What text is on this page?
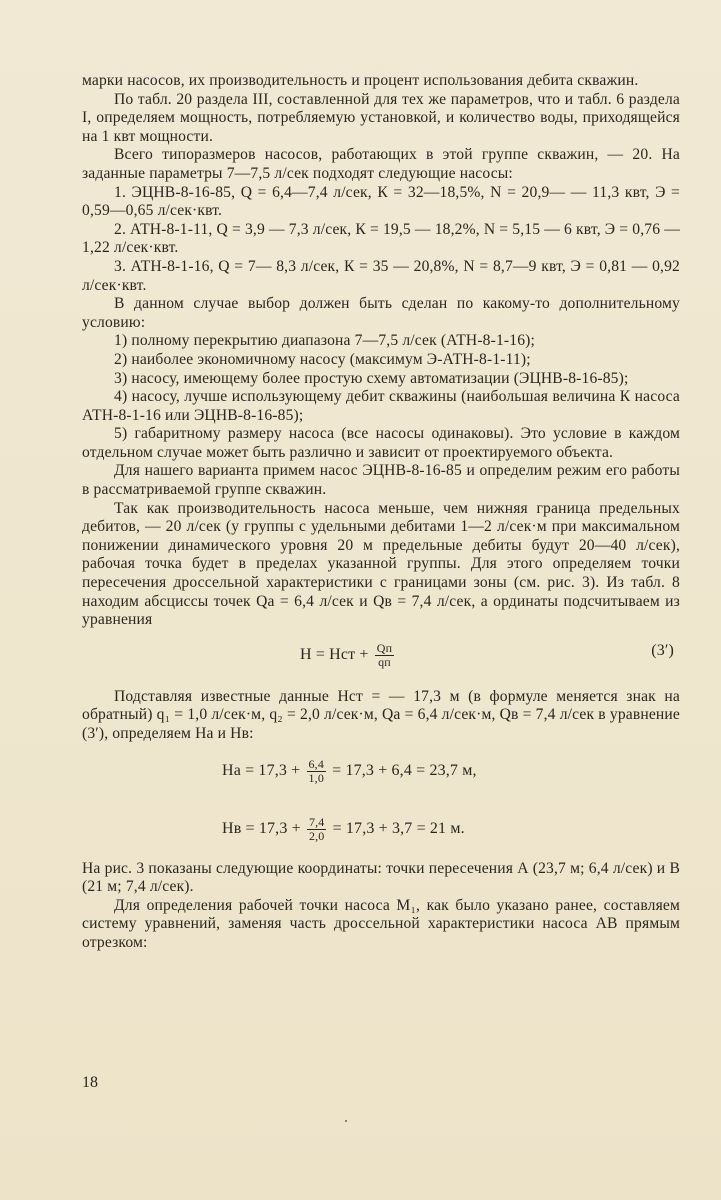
марки насосов, их производительность и процент использования дебита скважин.

По табл. 20 раздела III, составленной для тех же параметров, что и табл. 6 раздела I, определяем мощность, потребляемую установкой, и количество воды, приходящейся на 1 квт мощности.

Всего типоразмеров насосов, работающих в этой группе скважин, — 20. На заданные параметры 7—7,5 л/сек подходят следующие насосы:

1. ЭЦНВ-8-16-85, Q = 6,4—7,4 л/сек, К = 32—18,5%, N = 20,9— — 11,3 квт, Э = 0,59—0,65 л/сек·квт.

2. АТН-8-1-11, Q = 3,9 — 7,3 л/сек, К = 19,5 — 18,2%, N = 5,15 — 6 квт, Э = 0,76 — 1,22 л/сек·квт.

3. АТН-8-1-16, Q = 7— 8,3 л/сек, К = 35 — 20,8%, N = 8,7—9 квт, Э = 0,81 — 0,92 л/сек·квт.

В данном случае выбор должен быть сделан по какому-то дополнительному условию:

1) полному перекрытию диапазона 7—7,5 л/сек (АТН-8-1-16);

2) наиболее экономичному насосу (максимум Э-АТН-8-1-11);

3) насосу, имеющему более простую схему автоматизации (ЭЦНВ-8-16-85);

4) насосу, лучше использующему дебит скважины (наибольшая величина К насоса АТН-8-1-16 или ЭЦНВ-8-16-85);

5) габаритному размеру насоса (все насосы одинаковы). Это условие в каждом отдельном случае может быть различно и зависит от проектируемого объекта.

Для нашего варианта примем насос ЭЦНВ-8-16-85 и определим режим его работы в рассматриваемой группе скважин.

Так как производительность насоса меньше, чем нижняя граница предельных дебитов, — 20 л/сек (у группы с удельными дебитами 1—2 л/сек·м при максимальном понижении динамического уровня 20 м предельные дебиты будут 20—40 л/сек), рабочая точка будет в пределах указанной группы. Для этого определяем точки пересечения дроссельной характеристики с границами зоны (см. рис. 3). Из табл. 8 находим абсциссы точек Qа = 6,4 л/сек и Qв = 7,4 л/сек, а ординаты подсчитываем из уравнения

H = Hст + $\frac{Qп}{qп}$	(3′)

Подставляя известные данные Hст = — 17,3 м (в формуле меняется знак на обратный) q₁ = 1,0 л/сек·м, q₂ = 2,0 л/сек·м, Qа = 6,4 л/сек·м, Qв = 7,4 л/сек в уравнение (3′), определяем Hа и Hв:

Hа = $17,3 + \frac{6,4}{1,0} = 17,3 + 6,4 = 23,7$ м,
Hв = $17,3 + \frac{7,4}{2,0} = 17,3 + 3,7 = 21$ м.

На рис. 3 показаны следующие координаты: точки пересечения А (23,7 м; 6,4 л/сек) и В (21 м; 7,4 л/сек).

Для определения рабочей точки насоса М₁, как было указано ранее, составляем систему уравнений, заменяя часть дроссельной характеристики насоса АВ прямым отрезком:

18
